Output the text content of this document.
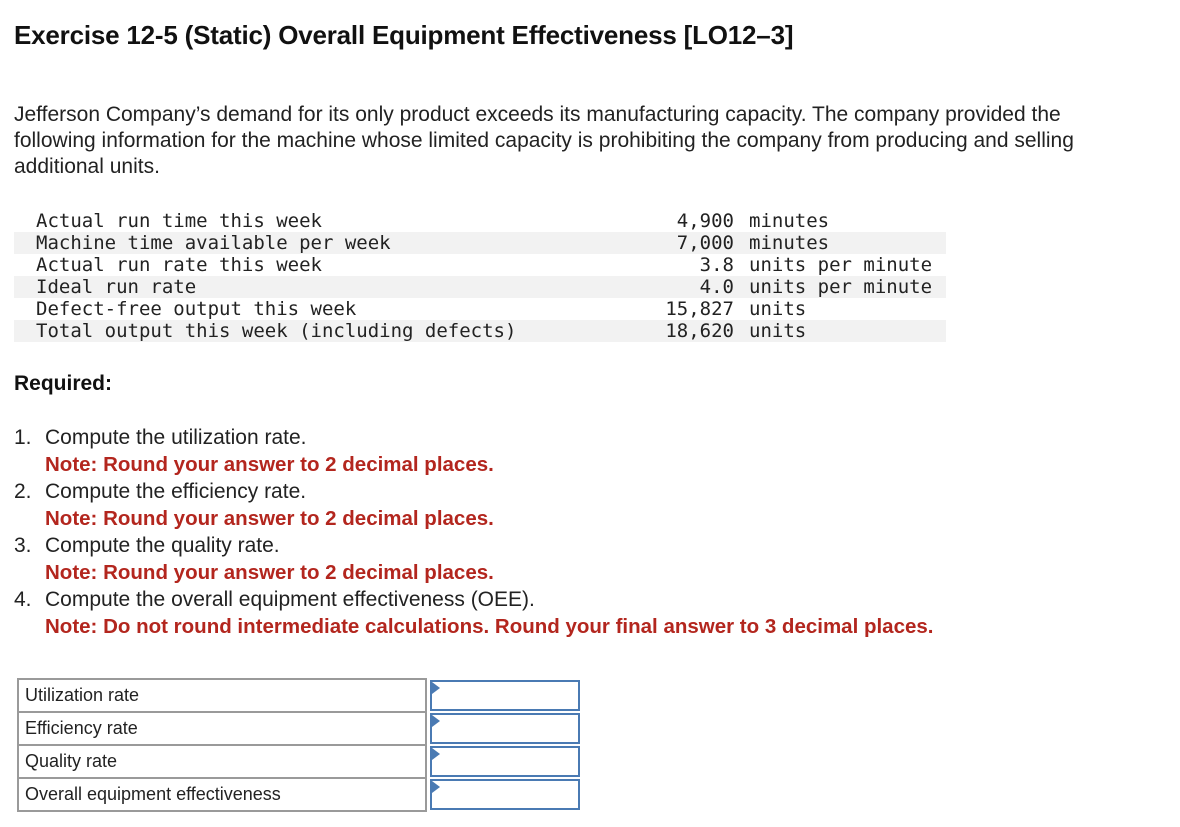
Exercise 12-5 (Static) Overall Equipment Effectiveness [LO12–3]
Jefferson Company’s demand for its only product exceeds its manufacturing capacity. The company provided the following information for the machine whose limited capacity is prohibiting the company from producing and selling additional units.
Actual run time this week	4,900	minutes
Machine time available per week	7,000	minutes
Actual run rate this week	3.8	units per minute
Ideal run rate	4.0	units per minute
Defect-free output this week	15,827	units
Total output this week (including defects)	18,620	units
Required:
1. Compute the utilization rate.
Note: Round your answer to 2 decimal places.
2. Compute the efficiency rate.
Note: Round your answer to 2 decimal places.
3. Compute the quality rate.
Note: Round your answer to 2 decimal places.
4. Compute the overall equipment effectiveness (OEE).
Note: Do not round intermediate calculations. Round your final answer to 3 decimal places.
Utilization rate		

Efficiency rate		

Quality rate		

Overall equipment effectiveness		
